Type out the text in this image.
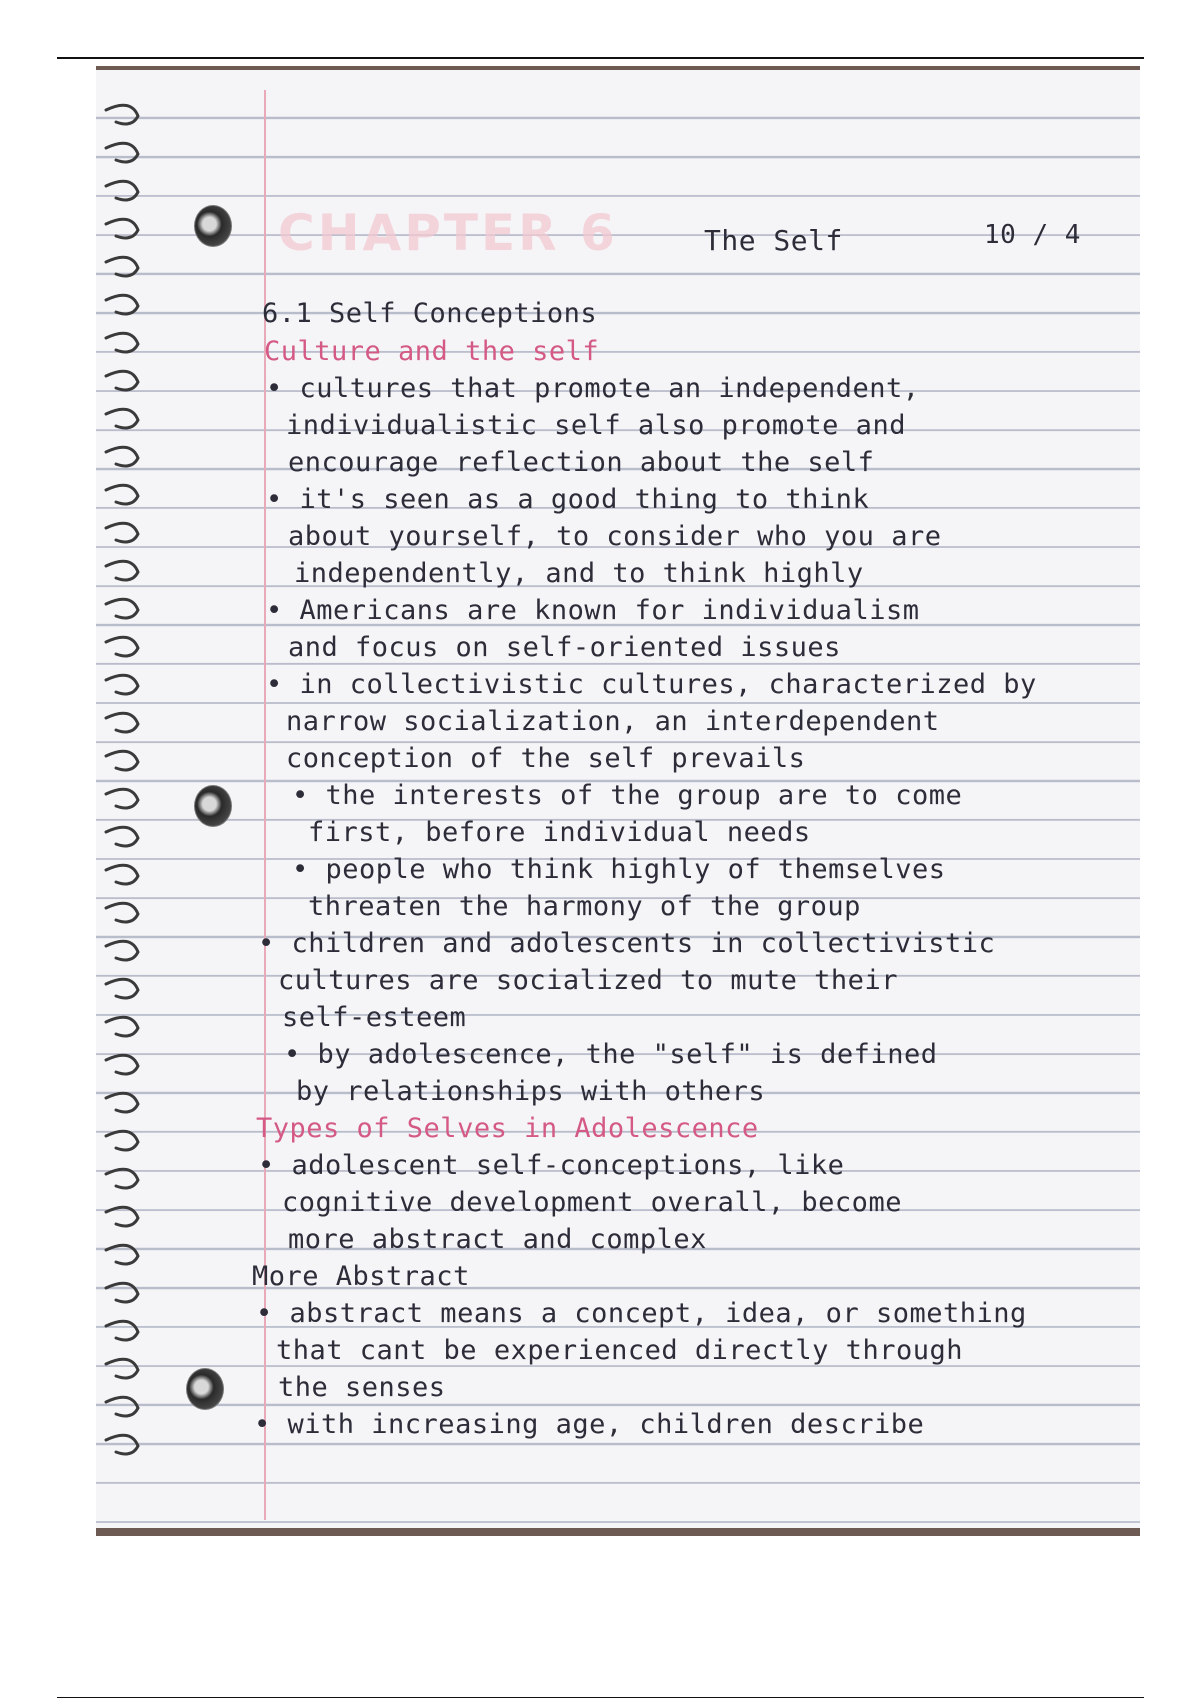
CHAPTER 6	The Self	10 / 4
6.1 Self Conceptions
Culture and the self
• cultures that promote an independent,
individualistic self also promote and
encourage reflection about the self
• it's seen as a good thing to think
about yourself, to consider who you are
independently, and to think highly
• Americans are known for individualism
and focus on self-oriented issues
• in collectivistic cultures, characterized by
narrow socialization, an interdependent
conception of the self prevails
• the interests of the group are to come
first, before individual needs
• people who think highly of themselves
threaten the harmony of the group
• children and adolescents in collectivistic
cultures are socialized to mute their
self-esteem
• by adolescence, the "self" is defined
by relationships with others
Types of Selves in Adolescence
• adolescent self-conceptions, like
cognitive development overall, become
more abstract and complex
More Abstract
• abstract means a concept, idea, or something
that cant be experienced directly through
the senses
• with increasing age, children describe
